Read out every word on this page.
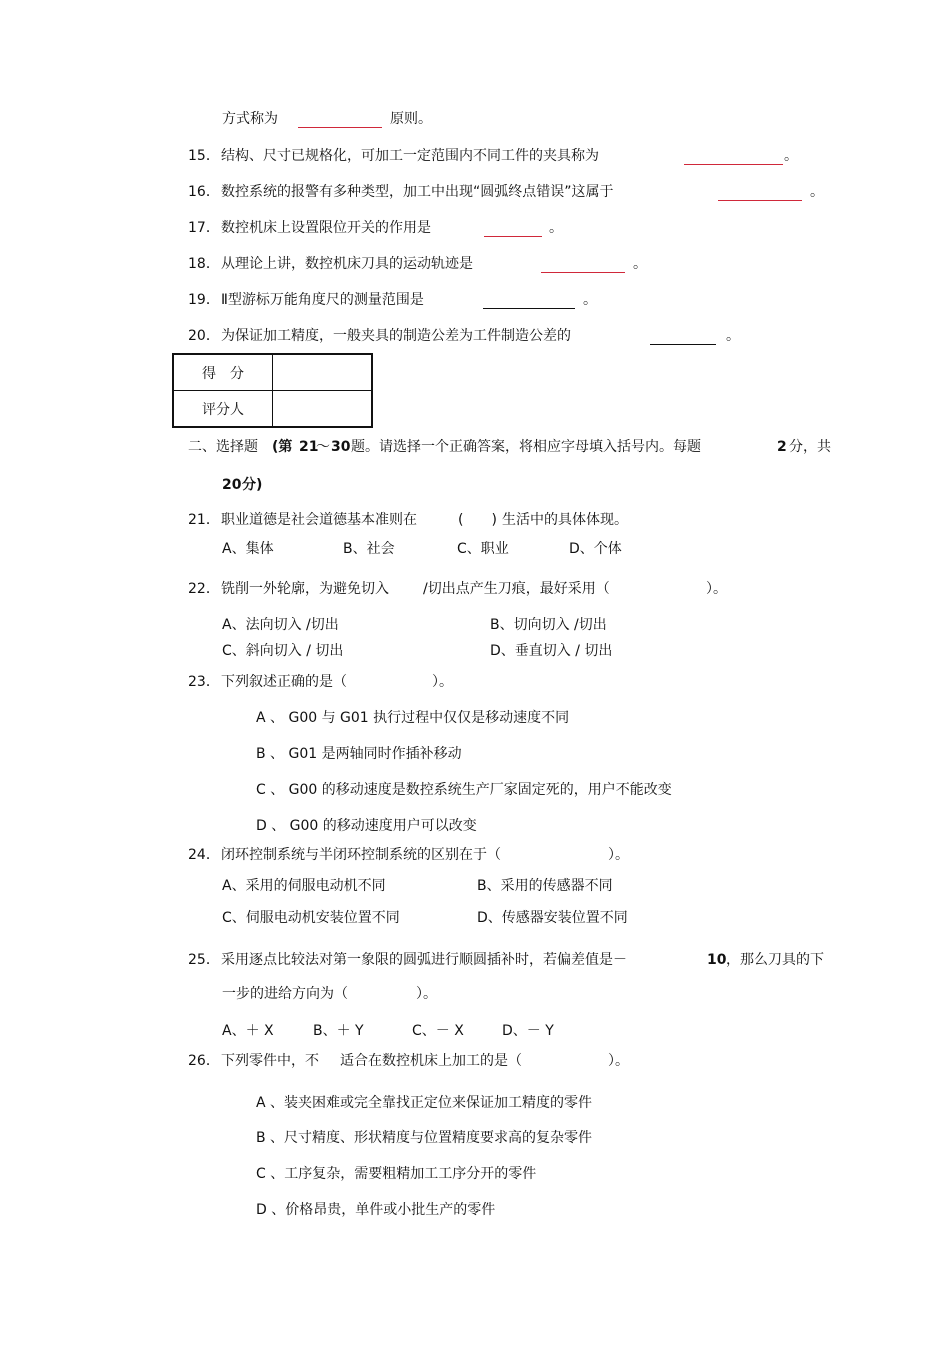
方式称为	原则。
15． 结构、尺寸已规格化，可加工一定范围内不同工件的夹具称为	。
16． 数控系统的报警有多种类型，加工中出现“圆弧终点错误”这属于	。
17． 数控机床上设置限位开关的作用是	。
18． 从理论上讲，数控机床刀具的运动轨迹是	。
19． Ⅱ型游标万能角度尺的测量范围是	。
20． 为保证加工精度，一般夹具的制造公差为工件制造公差的	。
得　分	
评分人	
二、选择题 (第 21
～ 30 题。请选择一个正确答案，将相应字母填入括号内。每题	2 分，共
20 分)
21． 职业道德是社会道德基本准则在	(　　) 生活中的具体体现。
A、集体	B、社会	C、职业	D、个体
22． 铣削一外轮廓，为避免切入 /切出点产生刀痕，最好采用（	）。
A、法向切入 /切出	B、切向切入 /切出
C、斜向切入 / 切出	D、垂直切入 / 切出
23． 下列叙述正确的是（	）。
A 、 G00 与 G01 执行过程中仅仅是移动速度不同
B 、 G01 是两轴同时作插补移动
C 、 G00 的移动速度是数控系统生产厂家固定死的，用户不能改变
D 、 G00 的移动速度用户可以改变
24． 闭环控制系统与半闭环控制系统的区别在于（	）。
A、采用的伺服电动机不同	B、采用的传感器不同
C、伺服电动机安装位置不同	D、传感器安装位置不同
25． 采用逐点比较法对第一象限的圆弧进行顺圆插补时，若偏差值是－	10 ，那么刀具的下
一步的进给方向为（	）。
A、＋ X	B、＋ Y	C、－ X	D、－ Y
26． 下列零件中，不 适合在数控机床上加工的是（	）。
A 、装夹困难或完全靠找正定位来保证加工精度的零件
B 、尺寸精度、形状精度与位置精度要求高的复杂零件
C 、工序复杂，需要粗精加工工序分开的零件
D 、价格昂贵，单件或小批生产的零件
